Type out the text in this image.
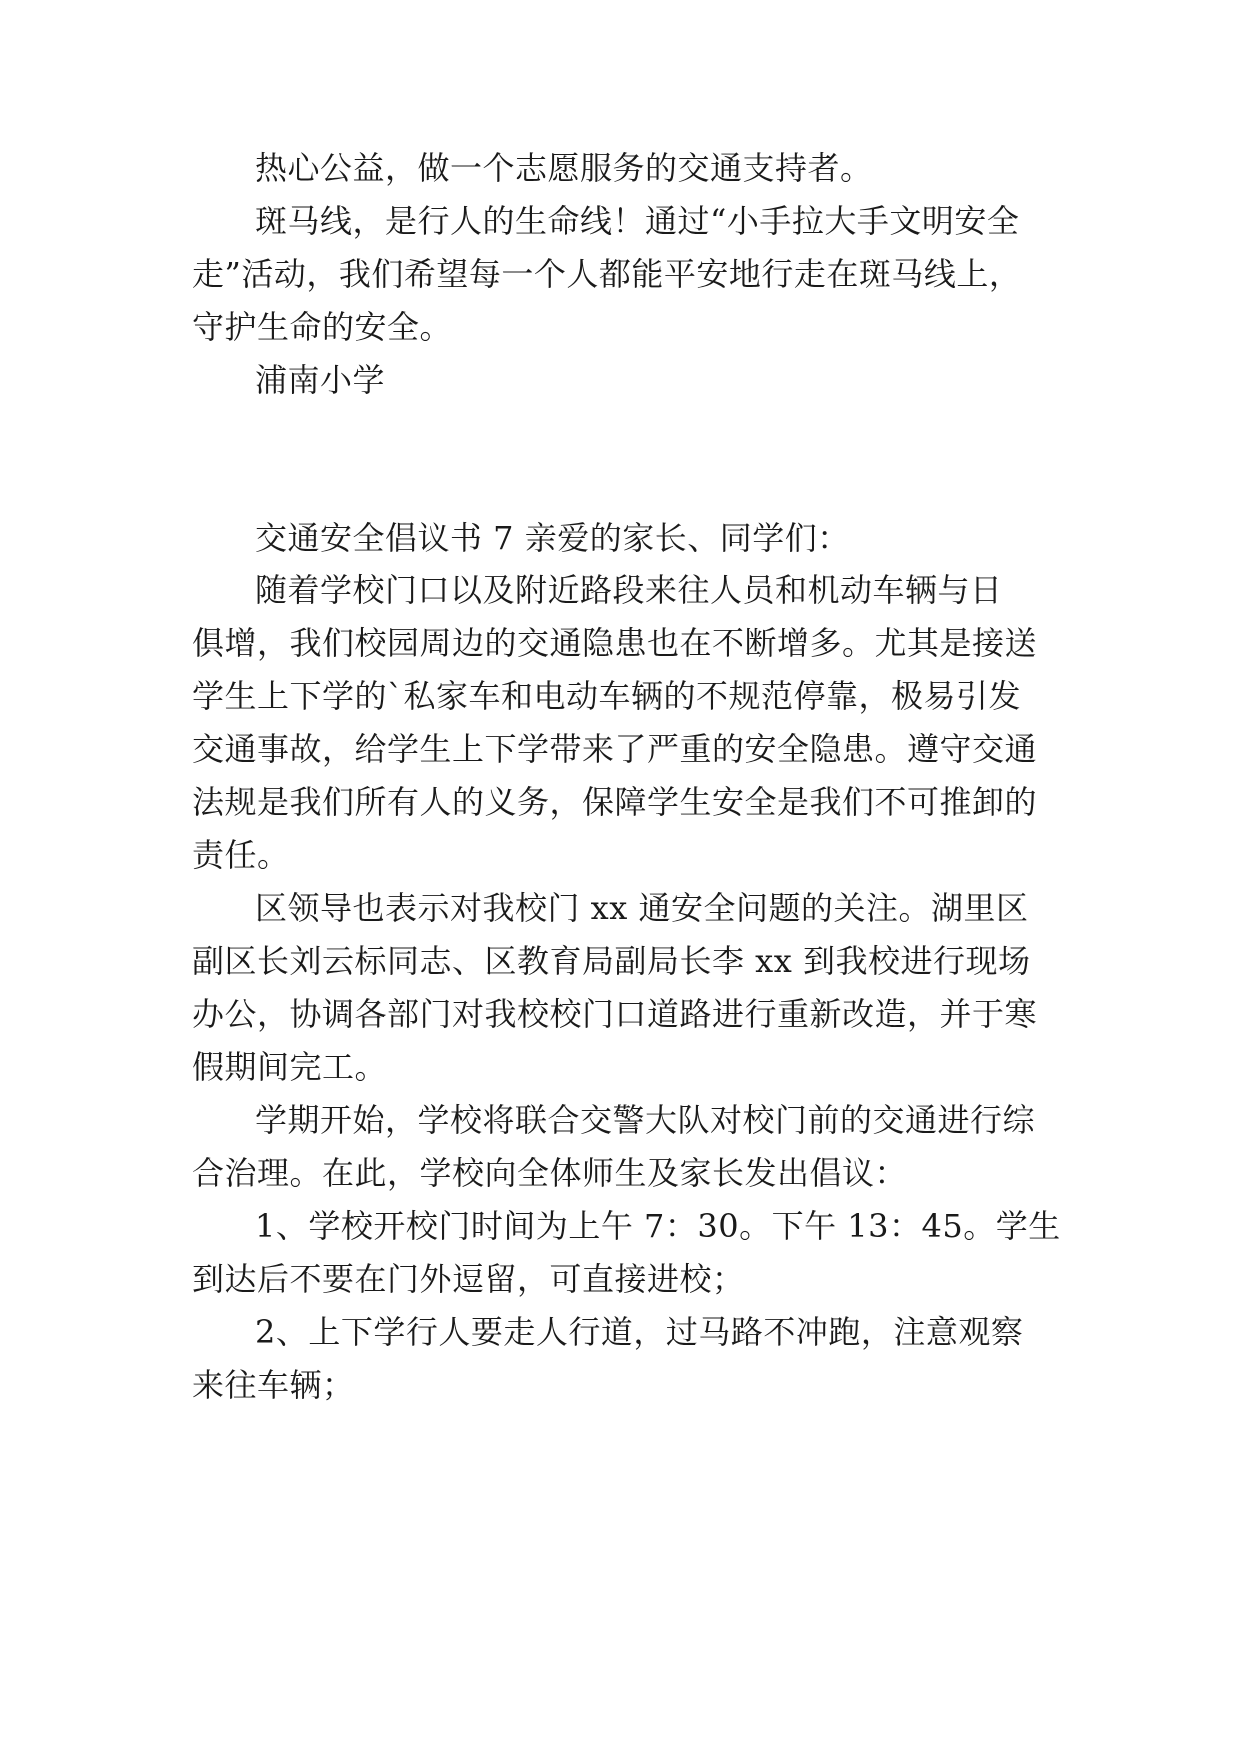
热心公益，做一个志愿服务的交通支持者。
斑马线，是行人的生命线！通过“小手拉大手文明安全
走”活动，我们希望每一个人都能平安地行走在斑马线上，
守护生命的安全。
浦南小学
交通安全倡议书 7 亲爱的家长、同学们：
随着学校门口以及附近路段来往人员和机动车辆与日
俱增，我们校园周边的交通隐患也在不断增多。尤其是接送
学生上下学的`私家车和电动车辆的不规范停靠，极易引发
交通事故，给学生上下学带来了严重的安全隐患。遵守交通
法规是我们所有人的义务，保障学生安全是我们不可推卸的
责任。
区领导也表示对我校门 xx 通安全问题的关注。湖里区
副区长刘云标同志、区教育局副局长李 xx 到我校进行现场
办公，协调各部门对我校校门口道路进行重新改造，并于寒
假期间完工。
学期开始，学校将联合交警大队对校门前的交通进行综
合治理。在此，学校向全体师生及家长发出倡议：
1、学校开校门时间为上午 7：30。下午 13：45。学生
到达后不要在门外逗留，可直接进校；
2、上下学行人要走人行道，过马路不冲跑，注意观察
来往车辆；
